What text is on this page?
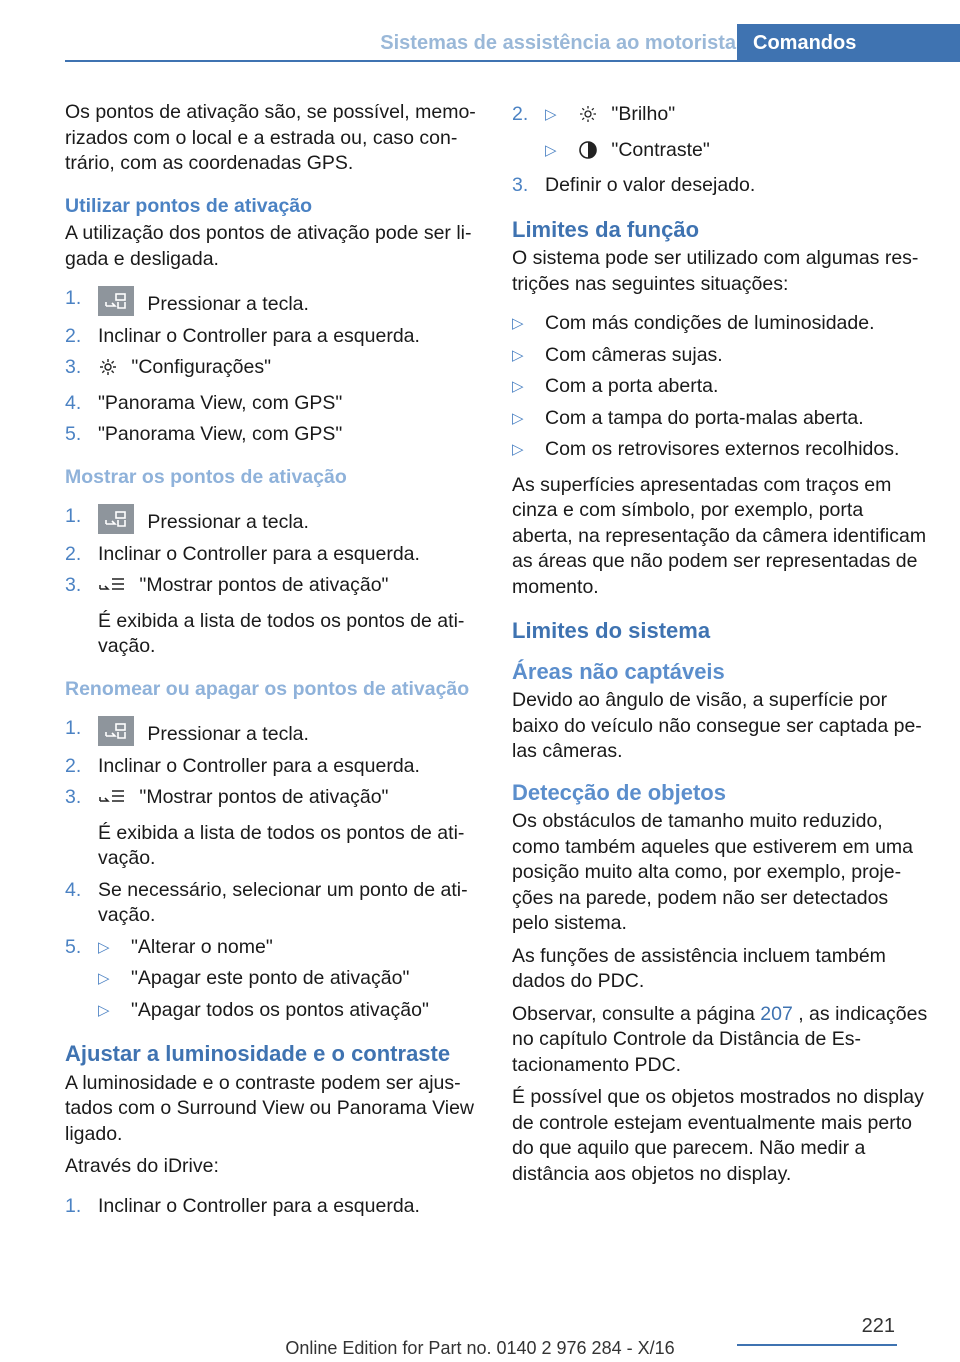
Sistemas de assistência ao motorista Comandos

Os pontos de ativação são, se possível, memorizados com o local e a estrada ou, caso contrário, com as coordenadas GPS.

Utilizar pontos de ativação

A utilização dos pontos de ativação pode ser ligada e desligada.

1.	Pressionar a tecla.
2. Inclinar o Controller para a esquerda.
3.	"Configurações"
4. "Panorama View, com GPS"
5. "Panorama View, com GPS"
Mostrar os pontos de ativação
1.	Pressionar a tecla.
2. Inclinar o Controller para a esquerda.
3.	"Mostrar pontos de ativação"
É exibida a lista de todos os pontos de ativação.
Renomear ou apagar os pontos de ativação
1.	Pressionar a tecla.
2. Inclinar o Controller para a esquerda.
3.	"Mostrar pontos de ativação"
É exibida a lista de todos os pontos de ativação.
4. Se necessário, selecionar um ponto de ativação.
5. ▷ "Alterar o nome"
▷ "Apagar este ponto de ativação"
▷ "Apagar todos os pontos ativação"
Ajustar a luminosidade e o contraste

A luminosidade e o contraste podem ser ajustados com o Surround View ou Panorama View ligado.

Através do iDrive:

1. Inclinar o Controller para a esquerda.
2. ▷	"Brilho"
▷	"Contraste"
3. Definir o valor desejado.
Limites da função

O sistema pode ser utilizado com algumas restrições nas seguintes situações:

▷ Com más condições de luminosidade.
▷ Com câmeras sujas.
▷ Com a porta aberta.
▷ Com a tampa do porta-malas aberta.
▷ Com os retrovisores externos recolhidos.

As superfícies apresentadas com traços em cinza e com símbolo, por exemplo, porta aberta, na representação da câmera identificam as áreas que não podem ser representadas de momento.

Limites do sistema
Áreas não captáveis

Devido ao ângulo de visão, a superfície por baixo do veículo não consegue ser captada pelas câmeras.

Detecção de objetos

Os obstáculos de tamanho muito reduzido, como também aqueles que estiverem em uma posição muito alta como, por exemplo, projeções na parede, podem não ser detectados pelo sistema.

As funções de assistência incluem também dados do PDC.

Observar, consulte a página 207 , as indicações no capítulo Controle da Distância de Estacionamento PDC.

É possível que os objetos mostrados no display de controle estejam eventualmente mais perto do que aquilo que parecem. Não medir a distância aos objetos no display.

221
Online Edition for Part no. 0140 2 976 284 - X/16
